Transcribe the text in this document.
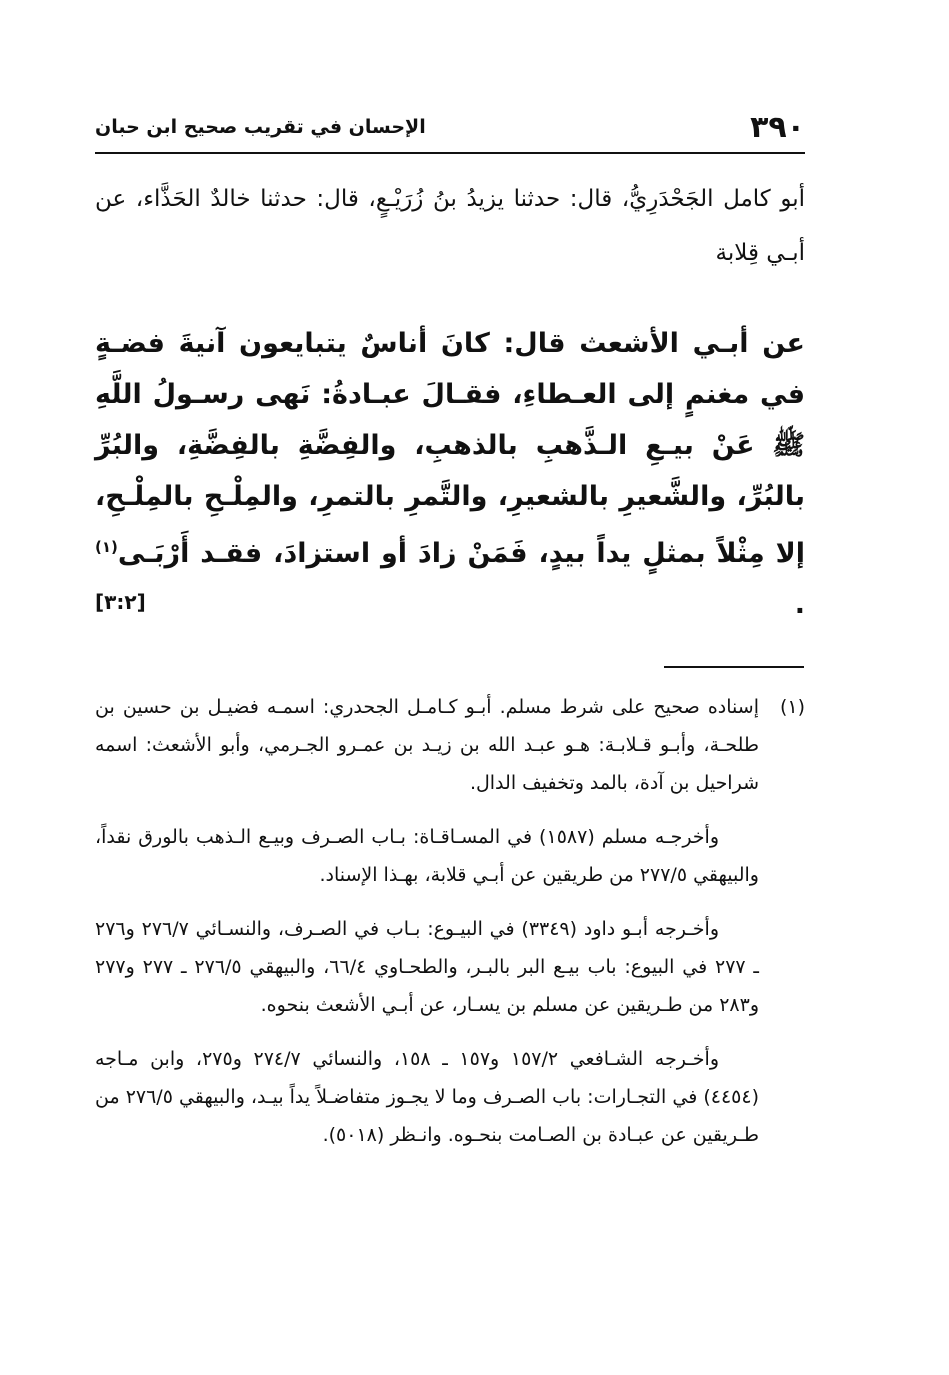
٣٩٠
الإحسان في تقريب صحيح ابن حبان
أبو كامل الجَحْدَرِيُّ، قال: حدثنا يزيدُ بنُ زُرَيْـعٍ، قال: حدثنا خالدٌ الحَذَّاء، عن أبـي قِلابة

عن أبـي الأشعث قال: كانَ أناسٌ يتبايعون آنيةَ فضـةٍ في مغنمٍ إلى العـطاءِ، فقـالَ عبـادةُ: نَهى رسـولُ اللَّهِ ﷺ عَنْ بيـعِ الـذَّهبِ بالذهبِ، والفِضَّةِ بالفِضَّةِ، والبُرِّ بالبُرِّ، والشَّعيرِ بالشعيرِ، والتَّمرِ بالتمرِ، والمِلْـحِ بالمِلْـحِ، إلا مِثْلاً بمثلٍ يداً بيدٍ، فَمَنْ زادَ أو استزادَ، فقـد أَرْبَـى$^{(١)}$ .
[٣:٢]

(١)
إسناده صحيح على شرط مسلم. أبـو كـامـل الجحدري: اسمـه فضيـل بن حسين بن طلحـة، وأبـو قـلابـة: هـو عبـد الله بن زيـد بن عمـرو الجـرمي، وأبو الأشعث: اسمه شراحيل بن آدة، بالمد وتخفيف الدال.

وأخرجـه مسلم (١٥٨٧) في المسـاقـاة: بـاب الصـرف وبيـع الـذهب بالورق نقداً، والبيهقي ٢٧٧/٥ من طريقين عن أبـي قلابة، بهـذا الإسناد.

وأخـرجه أبـو داود (٣٣٤٩) في البيـوع: بـاب في الصـرف، والنسـائي ٢٧٦/٧ و٢٧٦ ـ ٢٧٧ في البيوع: باب بيـع البر بالبـر، والطحـاوي ٦٦/٤، والبيهقي ٢٧٦/٥ ـ ٢٧٧ و٢٧٧ و٢٨٣ من طـريقين عن مسلم بن يسـار، عن أبـي الأشعث بنحوه.

وأخـرجه الشـافعي ١٥٧/٢ و١٥٧ ـ ١٥٨، والنسائي ٢٧٤/٧ و٢٧٥، وابن مـاجه (٤٤٥٤) في التجـارات: باب الصـرف وما لا يجـوز متفاضـلاً يداً بيـد، والبيهقي ٢٧٦/٥ من طـريقين عن عبـادة بن الصـامت بنحـوه. وانـظر (٥٠١٨).
